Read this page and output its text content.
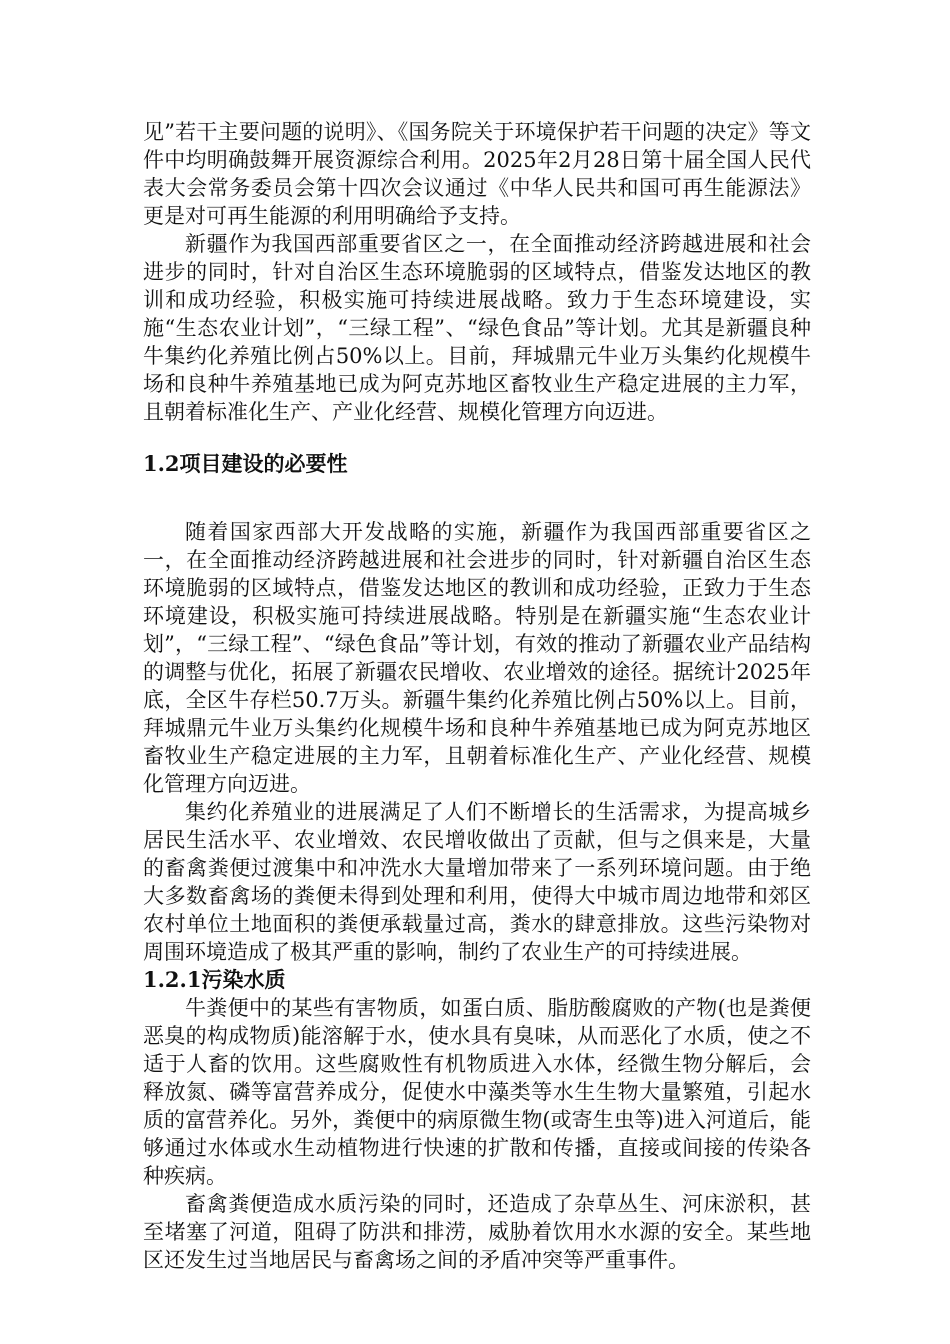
见”若干主要问题的说明》、《国务院关于环境保护若干问题的决定》等文件中均明确鼓舞开展资源综合利用。2025年2月28日第十届全国人民代表大会常务委员会第十四次会议通过《中华人民共和国可再生能源法》更是对可再生能源的利用明确给予支持。

新疆作为我国西部重要省区之一，在全面推动经济跨越进展和社会进步的同时，针对自治区生态环境脆弱的区域特点，借鉴发达地区的教训和成功经验，积极实施可持续进展战略。致力于生态环境建设，实施“生态农业计划”，“三绿工程”、“绿色食品”等计划。尤其是新疆良种牛集约化养殖比例占50%以上。目前，拜城鼎元牛业万头集约化规模牛场和良种牛养殖基地已成为阿克苏地区畜牧业生产稳定进展的主力军，且朝着标准化生产、产业化经营、规模化管理方向迈进。

1.2项目建设的必要性

随着国家西部大开发战略的实施，新疆作为我国西部重要省区之一，在全面推动经济跨越进展和社会进步的同时，针对新疆自治区生态环境脆弱的区域特点，借鉴发达地区的教训和成功经验，正致力于生态环境建设，积极实施可持续进展战略。特别是在新疆实施“生态农业计划”，“三绿工程”、“绿色食品”等计划，有效的推动了新疆农业产品结构的调整与优化，拓展了新疆农民增收、农业增效的途径。据统计2025年底，全区牛存栏50.7万头。新疆牛集约化养殖比例占50%以上。目前，拜城鼎元牛业万头集约化规模牛场和良种牛养殖基地已成为阿克苏地区畜牧业生产稳定进展的主力军，且朝着标准化生产、产业化经营、规模化管理方向迈进。

集约化养殖业的进展满足了人们不断增长的生活需求，为提高城乡居民生活水平、农业增效、农民增收做出了贡献，但与之俱来是，大量的畜禽粪便过渡集中和冲洗水大量增加带来了一系列环境问题。由于绝大多数畜禽场的粪便未得到处理和利用，使得大中城市周边地带和郊区农村单位土地面积的粪便承载量过高，粪水的肆意排放。这些污染物对周围环境造成了极其严重的影响，制约了农业生产的可持续进展。

1.2.1污染水质

牛粪便中的某些有害物质，如蛋白质、脂肪酸腐败的产物(也是粪便恶臭的构成物质)能溶解于水，使水具有臭味，从而恶化了水质，使之不适于人畜的饮用。这些腐败性有机物质进入水体，经微生物分解后，会释放氮、磷等富营养成分，促使水中藻类等水生生物大量繁殖，引起水质的富营养化。另外，粪便中的病原微生物(或寄生虫等)进入河道后，能够通过水体或水生动植物进行快速的扩散和传播，直接或间接的传染各种疾病。

畜禽粪便造成水质污染的同时，还造成了杂草丛生、河床淤积，甚至堵塞了河道，阻碍了防洪和排涝，威胁着饮用水水源的安全。某些地区还发生过当地居民与畜禽场之间的矛盾冲突等严重事件。
